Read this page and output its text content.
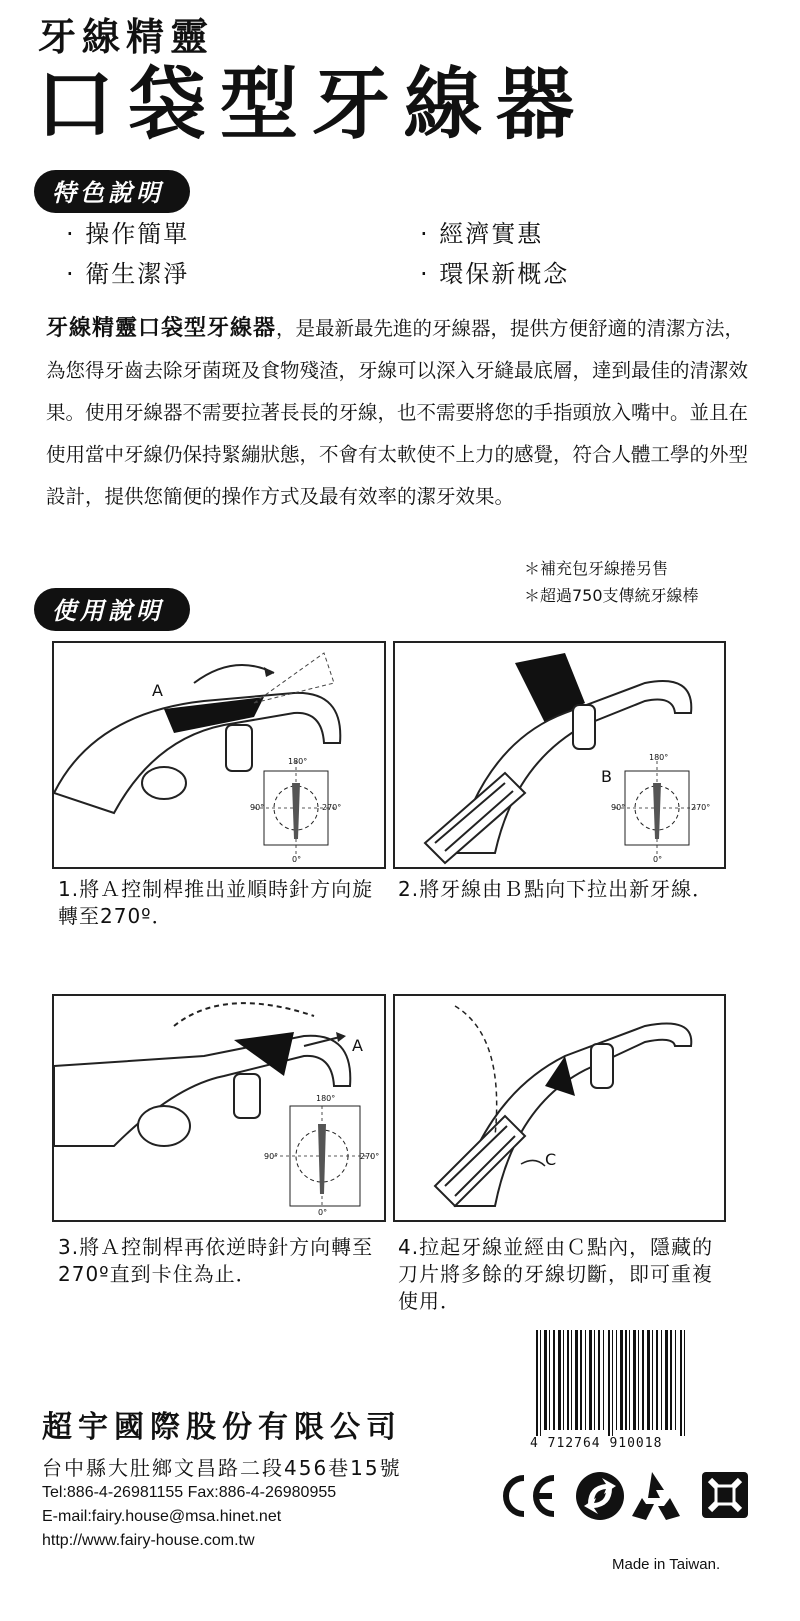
牙線精靈
口袋型牙線器
特色說明
· 操作簡單	· 經濟實惠
· 衛生潔淨	· 環保新概念
牙線精靈口袋型牙線器，是最新最先進的牙線器，提供方便舒適的清潔方法，為您得牙齒去除牙菌斑及食物殘渣，牙線可以深入牙縫最底層，達到最佳的清潔效果。使用牙線器不需要拉著長長的牙線，也不需要將您的手指頭放入嘴中。並且在使用當中牙線仍保持緊繃狀態，不會有太軟使不上力的感覺，符合人體工學的外型設計，提供您簡便的操作方式及最有效率的潔牙效果。
＊補充包牙線捲另售
＊超過750支傳統牙線棒
使用說明
A
180°
90°	270°
0°
B
180°
90°	270°
0°
1.將Ａ控制桿推出並順時針方向旋轉至270º．
2.將牙線由Ｂ點向下拉出新牙線．
A
180°
90°	270°
0°
C
3.將Ａ控制桿再依逆時針方向轉至270º直到卡住為止．
4.拉起牙線並經由Ｃ點內，隱藏的刀片將多餘的牙線切斷，即可重複使用．
4 712764 910018
超宇國際股份有限公司
台中縣大肚鄉文昌路二段456巷15號
Tel:886-4-26981155 Fax:886-4-26980955
E-mail:fairy.house@msa.hinet.net
http://www.fairy-house.com.tw
Made in Taiwan.
